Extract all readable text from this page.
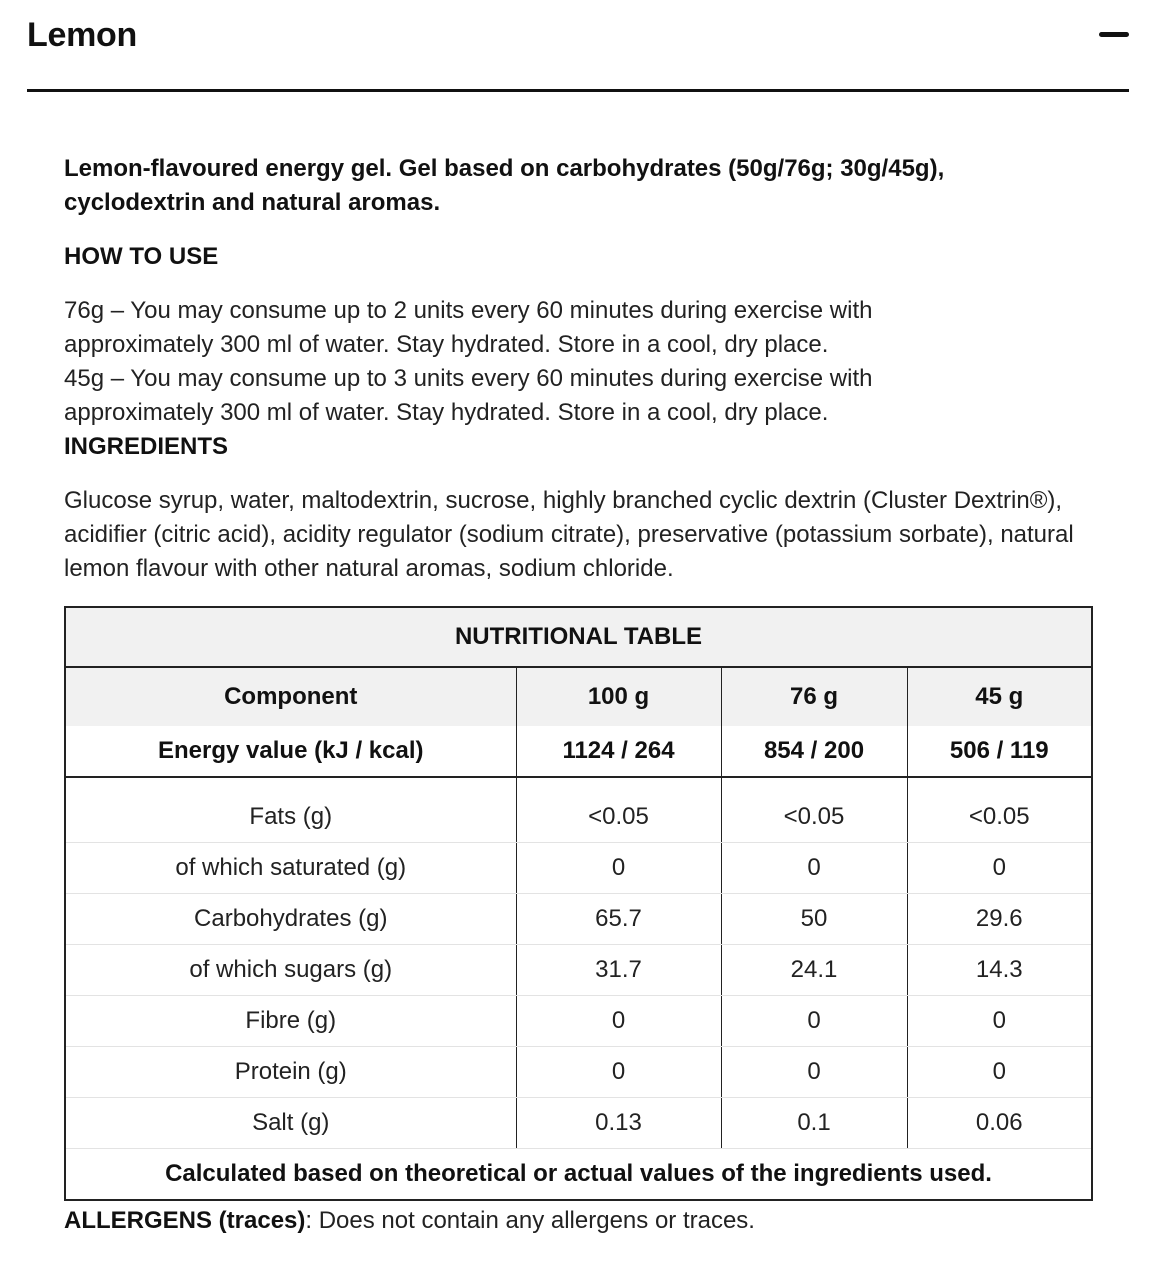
Lemon

Lemon-flavoured energy gel. Gel based on carbohydrates (50g/76g; 30g/45g), cyclodextrin and natural aromas.

HOW TO USE

76g – You may consume up to 2 units every 60 minutes during exercise with approximately 300 ml of water. Stay hydrated. Store in a cool, dry place.
45g – You may consume up to 3 units every 60 minutes during exercise with approximately 300 ml of water. Stay hydrated. Store in a cool, dry place.

INGREDIENTS

Glucose syrup, water, maltodextrin, sucrose, highly branched cyclic dextrin (Cluster Dextrin®), acidifier (citric acid), acidity regulator (sodium citrate), preservative (potassium sorbate), natural lemon flavour with other natural aromas, sodium chloride.

NUTRITIONAL TABLE			
Component	100 g	76 g	45 g
Energy value (kJ / kcal)	1124 / 264	854 / 200	506 / 119

Fats (g)	<0.05	<0.05	<0.05
of which saturated (g)	0	0	0
Carbohydrates (g)	65.7	50	29.6
of which sugars (g)	31.7	24.1	14.3
Fibre (g)	0	0	0
Protein (g)	0	0	0
Salt (g)	0.13	0.1	0.06
Calculated based on theoretical or actual values of the ingredients used.			
ALLERGENS (traces): Does not contain any allergens or traces.
